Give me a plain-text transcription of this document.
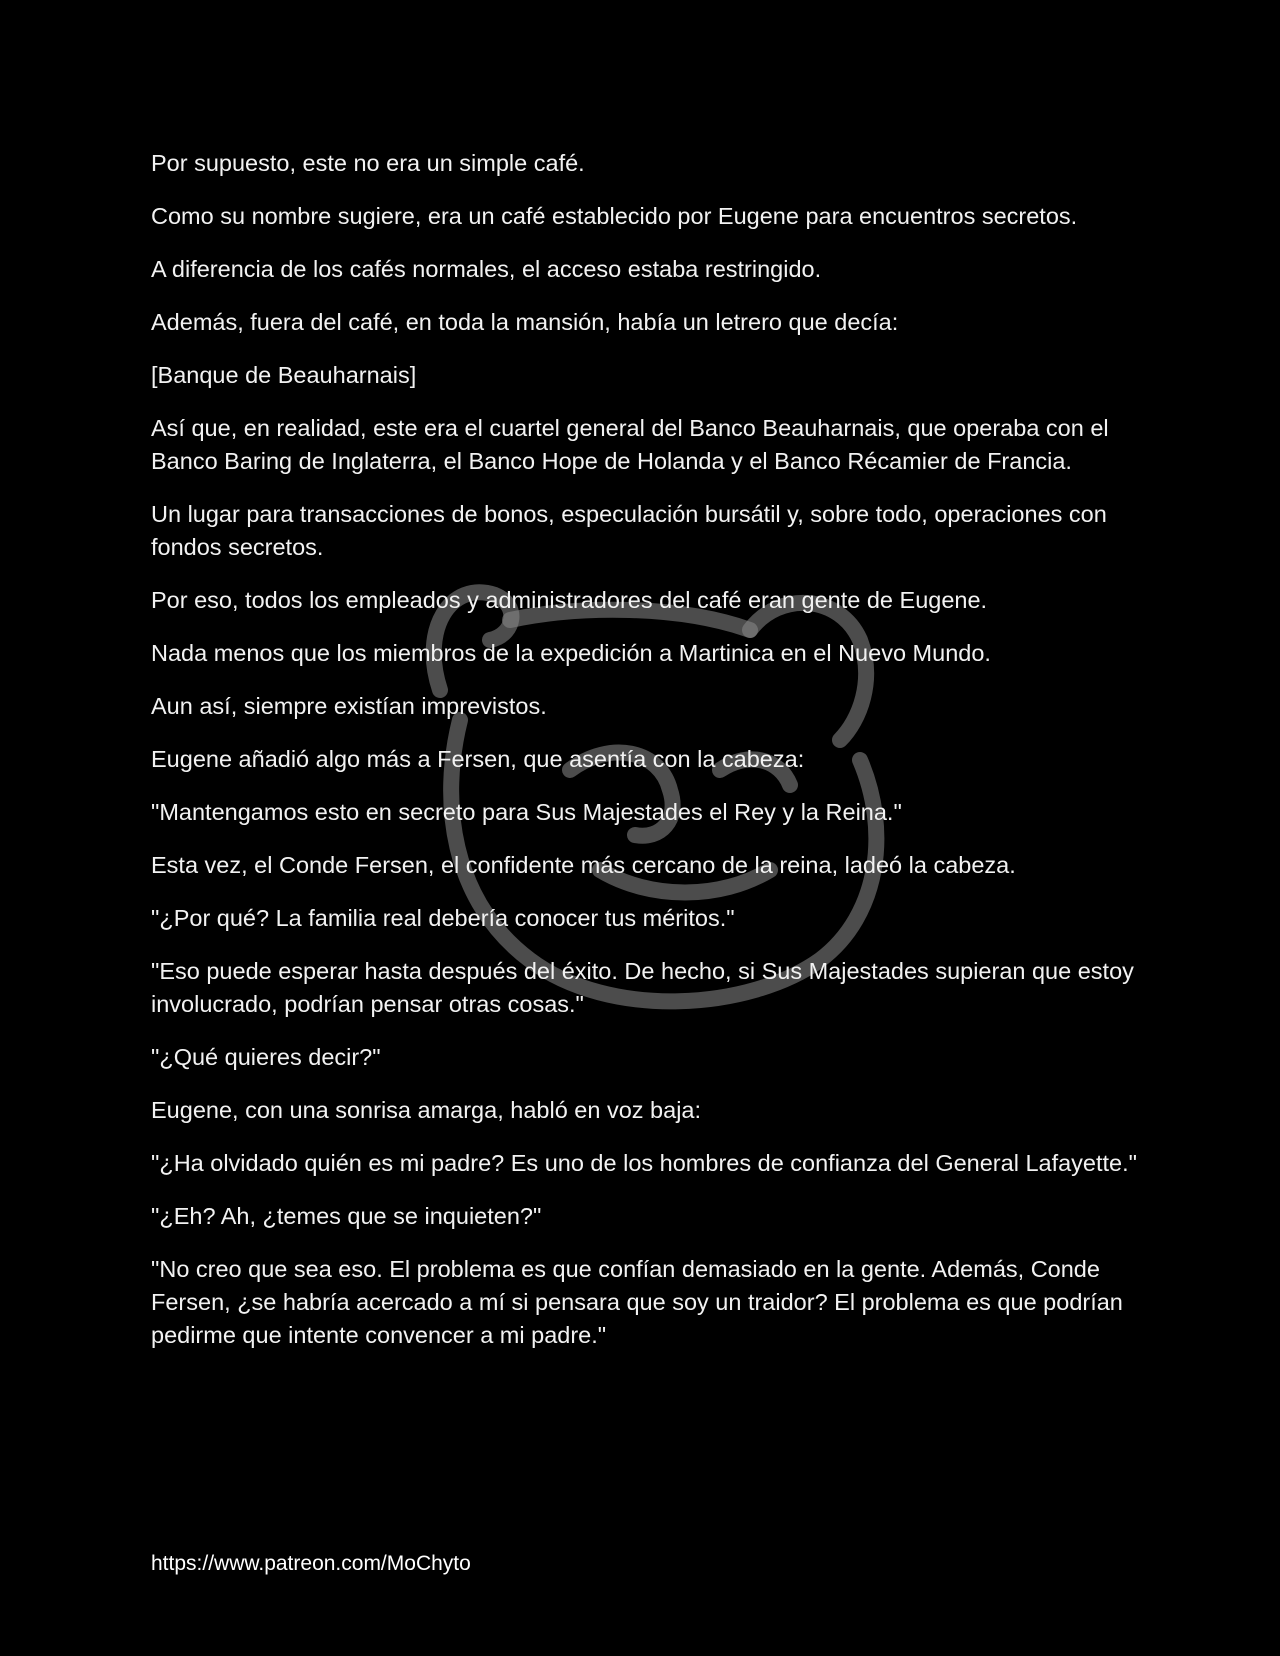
Por supuesto, este no era un simple café.

Como su nombre sugiere, era un café establecido por Eugene para encuentros secretos.

A diferencia de los cafés normales, el acceso estaba restringido.

Además, fuera del café, en toda la mansión, había un letrero que decía:

[Banque de Beauharnais]

Así que, en realidad, este era el cuartel general del Banco Beauharnais, que operaba con el Banco Baring de Inglaterra, el Banco Hope de Holanda y el Banco Récamier de Francia.

Un lugar para transacciones de bonos, especulación bursátil y, sobre todo, operaciones con fondos secretos.

Por eso, todos los empleados y administradores del café eran gente de Eugene.

Nada menos que los miembros de la expedición a Martinica en el Nuevo Mundo.

Aun así, siempre existían imprevistos.

Eugene añadió algo más a Fersen, que asentía con la cabeza:

"Mantengamos esto en secreto para Sus Majestades el Rey y la Reina."

Esta vez, el Conde Fersen, el confidente más cercano de la reina, ladeó la cabeza.

"¿Por qué? La familia real debería conocer tus méritos."

"Eso puede esperar hasta después del éxito. De hecho, si Sus Majestades supieran que estoy involucrado, podrían pensar otras cosas."

"¿Qué quieres decir?"

Eugene, con una sonrisa amarga, habló en voz baja:

"¿Ha olvidado quién es mi padre? Es uno de los hombres de confianza del General Lafayette."

"¿Eh? Ah, ¿temes que se inquieten?"

"No creo que sea eso. El problema es que confían demasiado en la gente. Además, Conde Fersen, ¿se habría acercado a mí si pensara que soy un traidor? El problema es que podrían pedirme que intente convencer a mi padre."

https://www.patreon.com/MoChyto
